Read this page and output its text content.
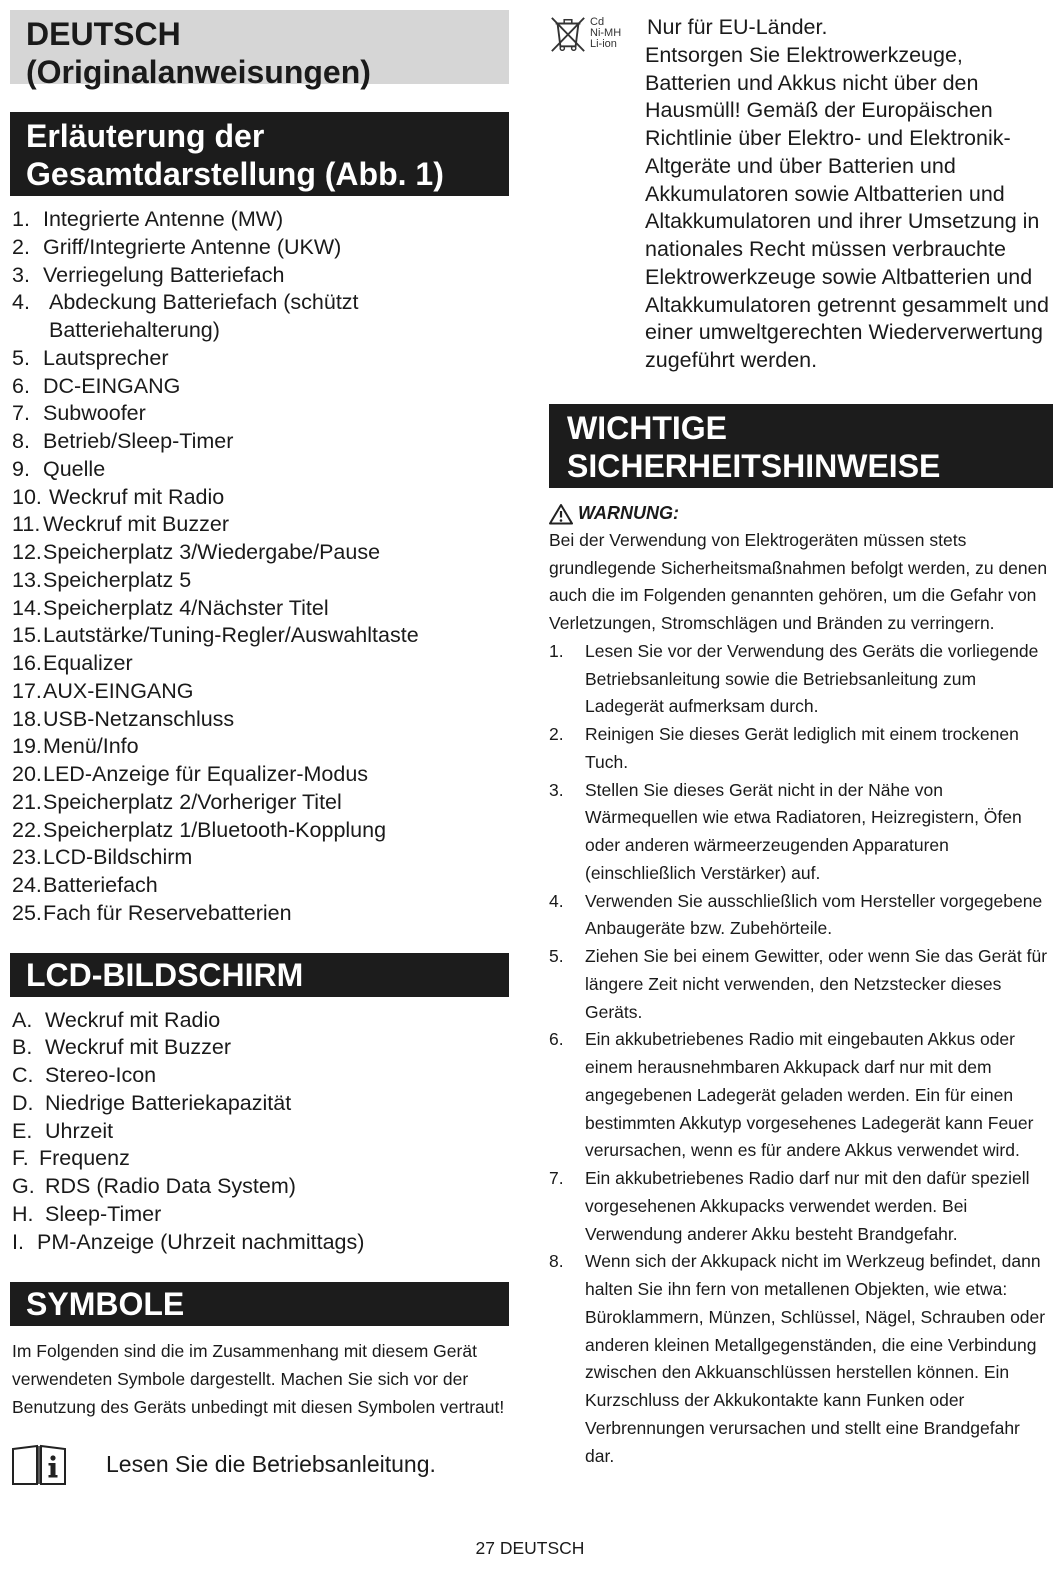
DEUTSCH
(Originalanweisungen)
Erläuterung der
Gesamtdarstellung (Abb. 1)
1. Integrierte Antenne (MW)
2. Griff/Integrierte Antenne (UKW)
3. Verriegelung Batteriefach
4. Abdeckung Batteriefach (schützt Batteriehalterung)
5. Lautsprecher
6. DC-EINGANG
7. Subwoofer
8. Betrieb/Sleep-Timer
9. Quelle
10. Weckruf mit Radio
11. Weckruf mit Buzzer
12. Speicherplatz 3/Wiedergabe/Pause
13. Speicherplatz 5
14. Speicherplatz 4/Nächster Titel
15. Lautstärke/Tuning-Regler/Auswahltaste
16. Equalizer
17. AUX-EINGANG
18. USB-Netzanschluss
19. Menü/Info
20. LED-Anzeige für Equalizer-Modus
21. Speicherplatz 2/Vorheriger Titel
22. Speicherplatz 1/Bluetooth-Kopplung
23. LCD-Bildschirm
24. Batteriefach
25. Fach für Reservebatterien
LCD-BILDSCHIRM
A. Weckruf mit Radio
B. Weckruf mit Buzzer
C. Stereo-Icon
D. Niedrige Batteriekapazität
E. Uhrzeit
F. Frequenz
G. RDS (Radio Data System)
H. Sleep-Timer
I. PM-Anzeige (Uhrzeit nachmittags)
SYMBOLE
Im Folgenden sind die im Zusammenhang mit diesem Gerät verwendeten Symbole dargestellt. Machen Sie sich vor der Benutzung des Geräts unbedingt mit diesen Symbolen vertraut!
Lesen Sie die Betriebsanleitung.
Cd
Ni-MH
Li-ion
Nur für EU-Länder.
Entsorgen Sie Elektrowerkzeuge, Batterien und Akkus nicht über den Hausmüll! Gemäß der Europäischen Richtlinie über Elektro- und Elektronik-Altgeräte und über Batterien und Akkumulatoren sowie Altbatterien und Altakkumulatoren und ihrer Umsetzung in nationales Recht müssen verbrauchte Elektrowerkzeuge sowie Altbatterien und Altakkumulatoren getrennt gesammelt und einer umweltgerechten Wiederverwertung zugeführt werden.
WICHTIGE
SICHERHEITSHINWEISE
WARNUNG:
Bei der Verwendung von Elektrogeräten müssen stets grundlegende Sicherheitsmaßnahmen befolgt werden, zu denen auch die im Folgenden genannten gehören, um die Gefahr von Verletzungen, Stromschlägen und Bränden zu verringern.
1.	Lesen Sie vor der Verwendung des Geräts die vorliegende Betriebsanleitung sowie die Betriebsanleitung zum Ladegerät aufmerksam durch.
2.	Reinigen Sie dieses Gerät lediglich mit einem trockenen Tuch.
3.	Stellen Sie dieses Gerät nicht in der Nähe von Wärmequellen wie etwa Radiatoren, Heizregistern, Öfen oder anderen wärmeerzeugenden Apparaturen (einschließlich Verstärker) auf.
4.	Verwenden Sie ausschließlich vom Hersteller vorgegebene Anbaugeräte bzw. Zubehörteile.
5.	Ziehen Sie bei einem Gewitter, oder wenn Sie das Gerät für längere Zeit nicht verwenden, den Netzstecker dieses Geräts.
6.	Ein akkubetriebenes Radio mit eingebauten Akkus oder einem herausnehmbaren Akkupack darf nur mit dem angegebenen Ladegerät geladen werden. Ein für einen bestimmten Akkutyp vorgesehenes Ladegerät kann Feuer verursachen, wenn es für andere Akkus verwendet wird.
7.	Ein akkubetriebenes Radio darf nur mit den dafür speziell vorgesehenen Akkupacks verwendet werden. Bei Verwendung anderer Akku besteht Brandgefahr.
8.	Wenn sich der Akkupack nicht im Werkzeug befindet, dann halten Sie ihn fern von metallenen Objekten, wie etwa: Büroklammern, Münzen, Schlüssel, Nägel, Schrauben oder anderen kleinen Metallgegenständen, die eine Verbindung zwischen den Akkuanschlüssen herstellen können. Ein Kurzschluss der Akkukontakte kann Funken oder Verbrennungen verursachen und stellt eine Brandgefahr dar.
27 DEUTSCH
